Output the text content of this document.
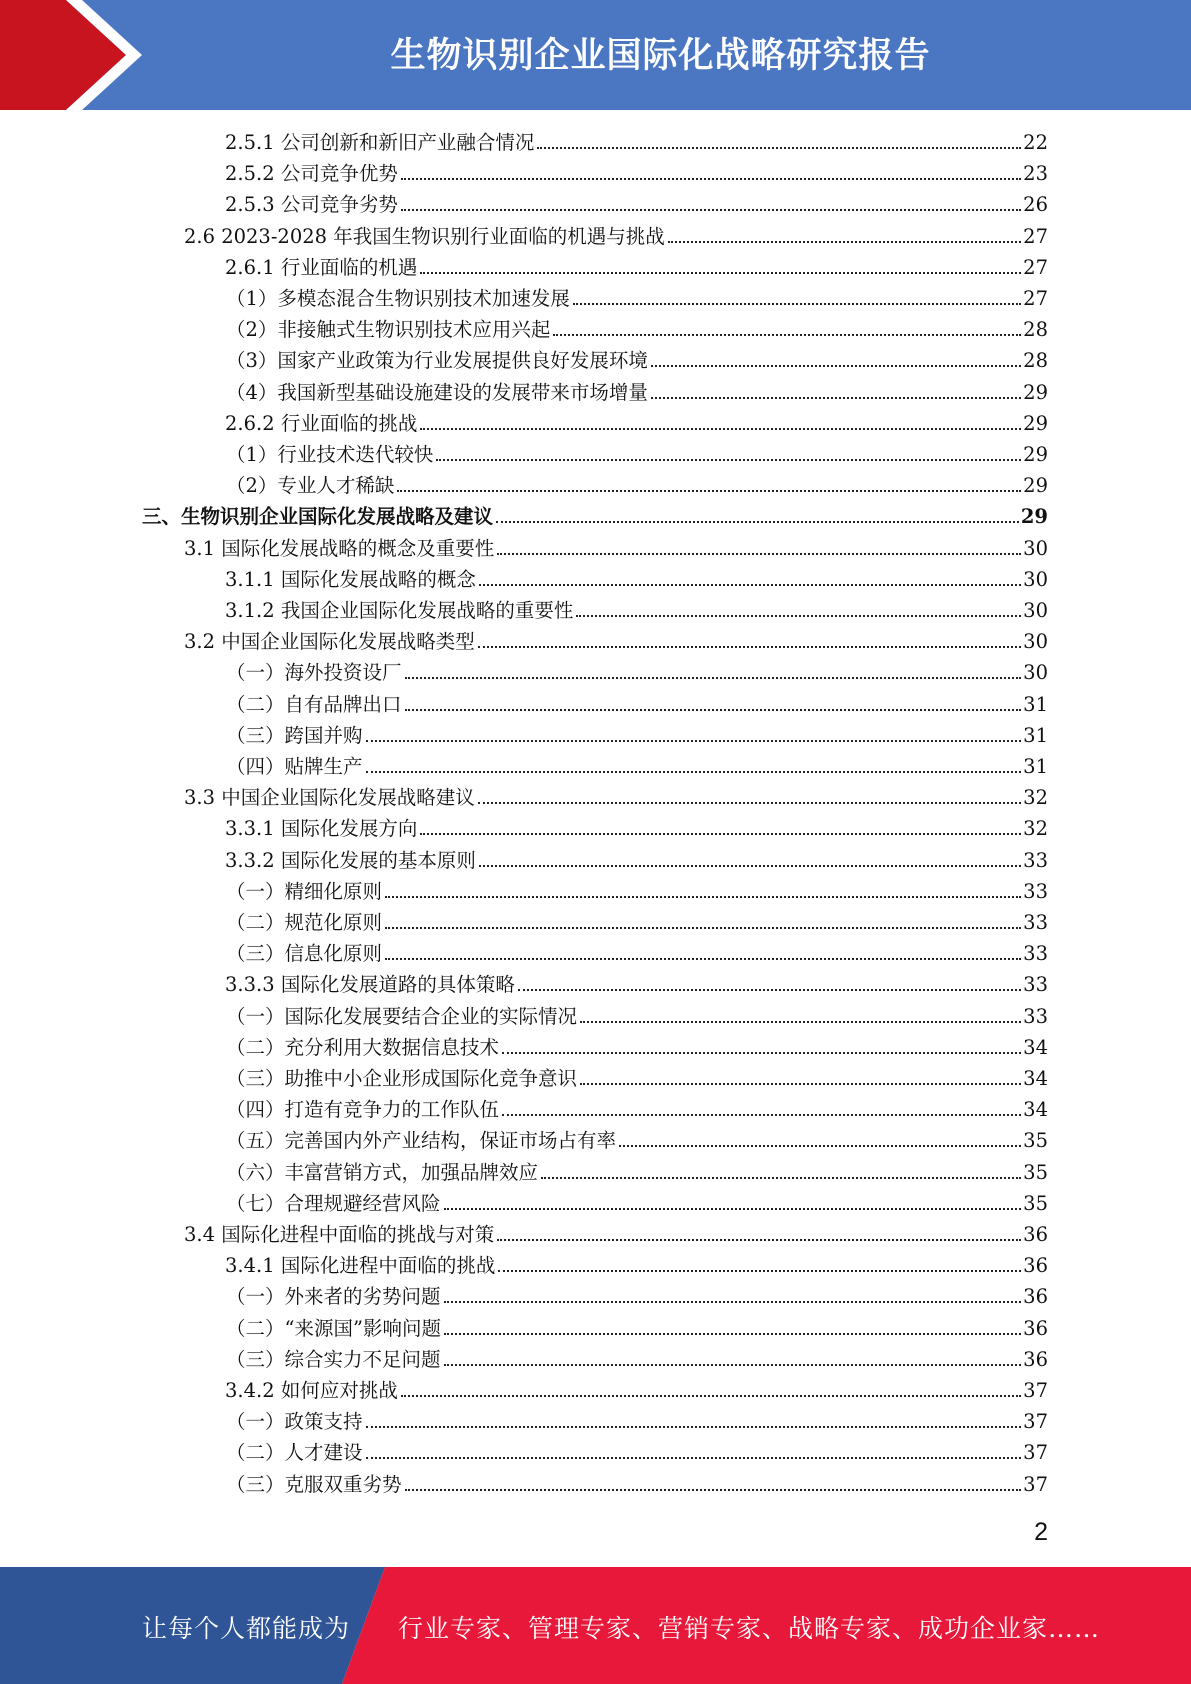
生物识别企业国际化战略研究报告
2.5.1 公司创新和新旧产业融合情况	22
2.5.2 公司竞争优势	23
2.5.3 公司竞争劣势	26
2.6 2023-2028 年我国生物识别行业面临的机遇与挑战	27
2.6.1 行业面临的机遇	27
（1）多模态混合生物识别技术加速发展	27
（2）非接触式生物识别技术应用兴起	28
（3）国家产业政策为行业发展提供良好发展环境	28
（4）我国新型基础设施建设的发展带来市场增量	29
2.6.2 行业面临的挑战	29
（1）行业技术迭代较快	29
（2）专业人才稀缺	29
三、生物识别企业国际化发展战略及建议	29
3.1 国际化发展战略的概念及重要性	30
3.1.1 国际化发展战略的概念	30
3.1.2 我国企业国际化发展战略的重要性	30
3.2 中国企业国际化发展战略类型	30
（一）海外投资设厂	30
（二）自有品牌出口	31
（三）跨国并购	31
（四）贴牌生产	31
3.3 中国企业国际化发展战略建议	32
3.3.1 国际化发展方向	32
3.3.2 国际化发展的基本原则	33
（一）精细化原则	33
（二）规范化原则	33
（三）信息化原则	33
3.3.3 国际化发展道路的具体策略	33
（一）国际化发展要结合企业的实际情况	33
（二）充分利用大数据信息技术	34
（三）助推中小企业形成国际化竞争意识	34
（四）打造有竞争力的工作队伍	34
（五）完善国内外产业结构，保证市场占有率	35
（六）丰富营销方式，加强品牌效应	35
（七）合理规避经营风险	35
3.4 国际化进程中面临的挑战与对策	36
3.4.1 国际化进程中面临的挑战	36
（一）外来者的劣势问题	36
（二）“来源国”影响问题	36
（三）综合实力不足问题	36
3.4.2 如何应对挑战	37
（一）政策支持	37
（二）人才建设	37
（三）克服双重劣势	37
2
让每个人都能成为 行业专家、管理专家、营销专家、战略专家、成功企业家……
